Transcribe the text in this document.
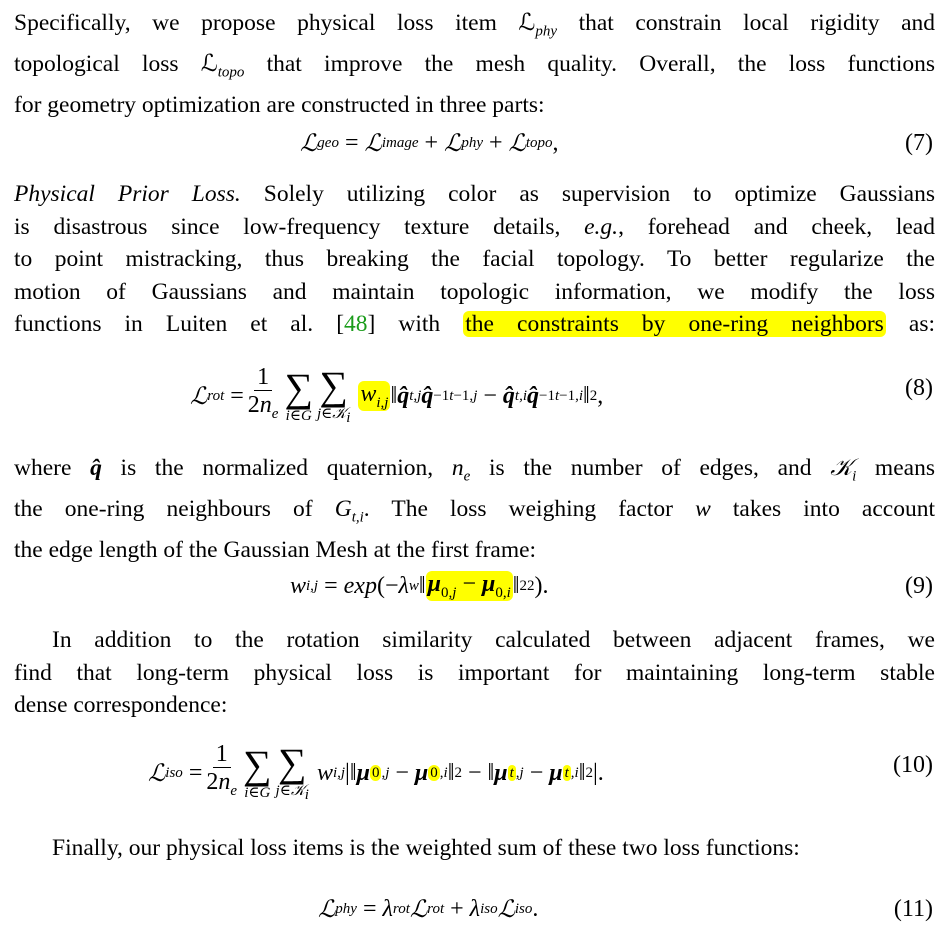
Specifically, we propose physical loss item ℒ$_{phy}$ that constrain local rigidity and
topological loss ℒ$_{topo}$ that improve the mesh quality. Overall, the loss functions
for geometry optimization are constructed in three parts:
ℒ geo = ℒ image + ℒ phy + ℒ topo ,	(7)
Physical Prior Loss. Solely utilizing color as supervision to optimize Gaussians
is disastrous since low-frequency texture details, e.g., forehead and cheek, lead
to point mistracking, thus breaking the facial topology. To better regularize the
motion of Gaussians and maintain topologic information, we modify the loss
functions in Luiten et al. [48] with the constraints by one-ring neighbors as:
ℒ rot = $\frac{1}{2n_e}$ ∑
i∈G
∑
j∈𝒦$_i$

$w_{i,j}$ ‖ q̂ t,j q̂ −1 t−1,j − q̂ t,i q̂ −1 t−1,i ‖ 2 ,	(8)
where q̂ is the normalized quaternion, $n_e$ is the number of edges, and 𝒦$_i$ means
the one-ring neighbours of $G_{t,i}$. The loss weighing factor w takes into account
the edge length of the Gaussian Mesh at the first frame:
w i,j = exp (− λ w ‖ $\mu_{0,j} - \mu_{0,i}$ ‖ 2 2 ).	(9)
In addition to the rotation similarity calculated between adjacent frames, we
find that long-term physical loss is important for maintaining long-term stable
dense correspondence:
ℒ iso = $\frac{1}{2n_e}$ ∑
i∈G
∑
j∈𝒦$_i$

w i,j |‖ μ 0 ,j − μ 0 ,i ‖ 2 − ‖ μ t ,j − μ t ,i ‖ 2 |.	(10)
Finally, our physical loss items is the weighted sum of these two loss functions:
ℒ phy = λ rot ℒ rot + λ iso ℒ iso .	(11)
